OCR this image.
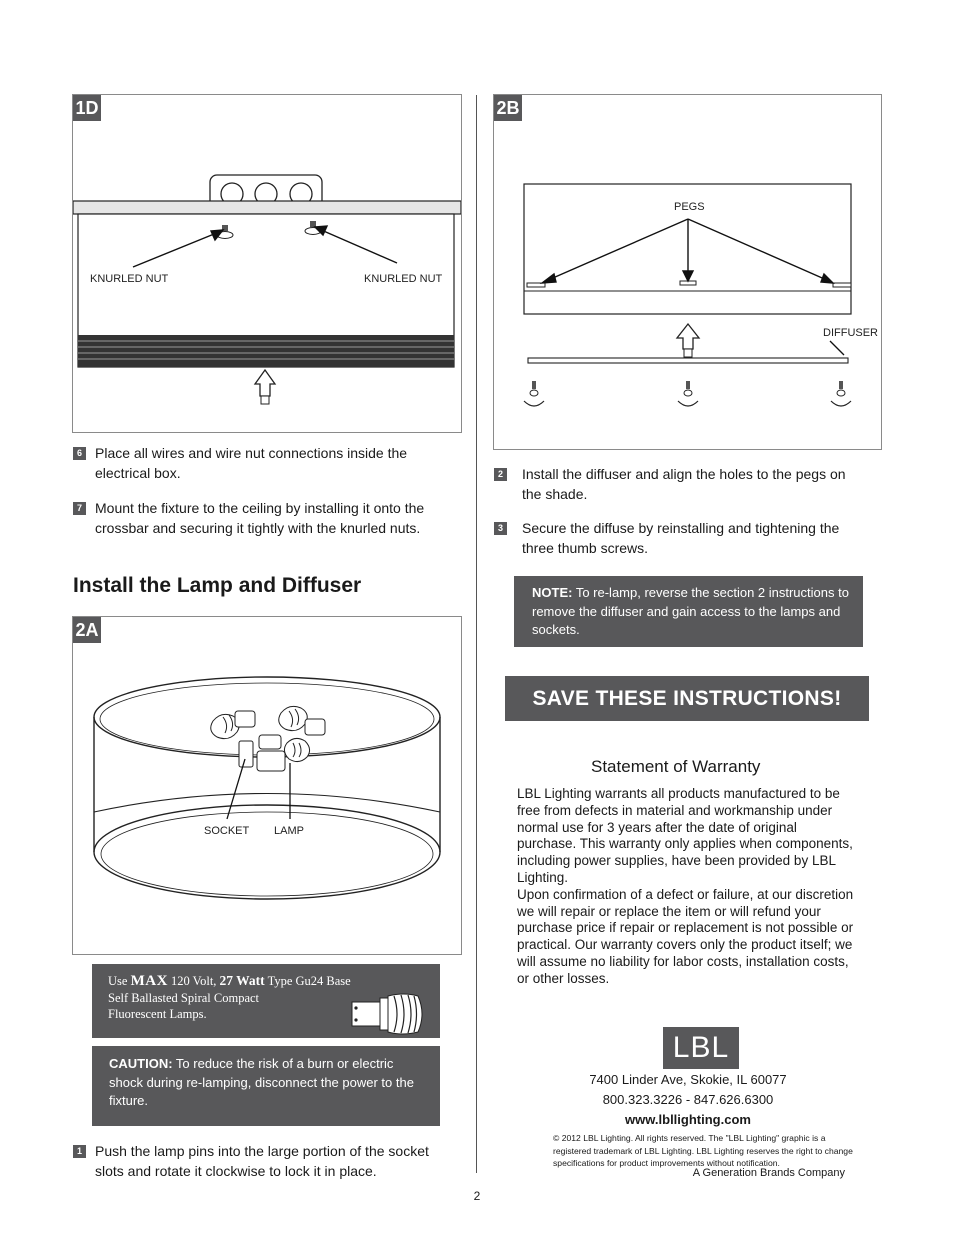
1D
KNURLED NUT	KNURLED NUT
2B
PEGS
DIFFUSER
6 Place all wires and wire nut connections inside the electrical box.
7 Mount the fixture to the ceiling by installing it onto the crossbar and securing it tightly with the knurled nuts.
Install the Lamp and Diffuser
2A
SOCKET LAMP
Use MAX 120 Volt, 27 Watt Type Gu24 Base
Self Ballasted Spiral Compact
Fluorescent Lamps.
CAUTION: To reduce the risk of a burn or electric shock during re-lamping, disconnect the power to the fixture.
1 Push the lamp pins into the large portion of the socket slots and rotate it clockwise to lock it in place.
2 Install the diffuser and align the holes to the pegs on the shade.
3 Secure the diffuse by reinstalling and tightening the three thumb screws.
NOTE: To re-lamp, reverse the section 2 instructions to remove the diffuser and gain access to the lamps and sockets.
SAVE THESE INSTRUCTIONS!
Statement of Warranty
LBL Lighting warrants all products manufactured to be free from defects in material and workmanship under normal use for 3 years after the date of original purchase. This warranty only applies when components, including power supplies, have been provided by LBL Lighting.
Upon confirmation of a defect or failure, at our discretion we will repair or replace the item or will refund your purchase price if repair or replacement is not possible or practical. Our warranty covers only the product itself; we will assume no liability for labor costs, installation costs, or other losses.
LBL
7400 Linder Ave, Skokie, IL 60077
800.323.3226 - 847.626.6300
www.lbllighting.com
© 2012 LBL Lighting. All rights reserved. The "LBL Lighting" graphic is a registered trademark of LBL Lighting. LBL Lighting reserves the right to change specifications for product improvements without notification.
A Generation Brands Company
2
